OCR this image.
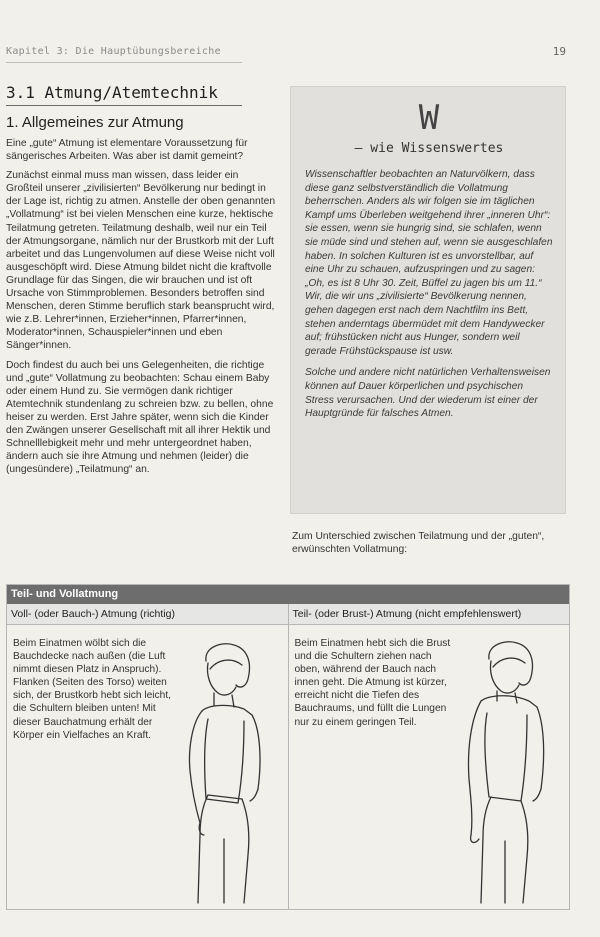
Kapitel 3: Die Hauptübungsbereiche	19
3.1 Atmung/Atemtechnik
1. Allgemeines zur Atmung

Eine „gute“ Atmung ist elementare Voraussetzung für sängerisches Arbeiten. Was aber ist damit gemeint?

Zunächst einmal muss man wissen, dass leider ein Großteil unserer „zivilisierten“ Bevölkerung nur bedingt in der Lage ist, richtig zu atmen. Anstelle der oben genannten „Vollatmung“ ist bei vielen Menschen eine kurze, hektische Teilatmung getreten. Teilatmung deshalb, weil nur ein Teil der Atmungsorgane, nämlich nur der Brustkorb mit der Luft arbeitet und das Lungenvolumen auf diese Weise nicht voll ausgeschöpft wird. Diese Atmung bildet nicht die kraftvolle Grundlage für das Singen, die wir brauchen und ist oft Ursache von Stimmproblemen. Besonders betroffen sind Menschen, deren Stimme beruflich stark beansprucht wird, wie z.B. Lehrer*innen, Erzieher*innen, Pfarrer*innen, Moderator*innen, Schauspieler*innen und eben Sänger*innen.

Doch findest du auch bei uns Gelegenheiten, die richtige und „gute“ Vollatmung zu beobachten: Schau einem Baby oder einem Hund zu. Sie vermögen dank richtiger Atemtechnik stundenlang zu schreien bzw. zu bellen, ohne heiser zu werden. Erst Jahre später, wenn sich die Kinder den Zwängen unserer Gesellschaft mit all ihrer Hektik und Schnelllebigkeit mehr und mehr untergeordnet haben, ändern auch sie ihre Atmung und nehmen (leider) die (ungesündere) „Teilatmung“ an.

W
– wie Wissenswertes

Wissenschaftler beobachten an Naturvölkern, dass diese ganz selbstverständlich die Vollatmung beherrschen. Anders als wir folgen sie im täglichen Kampf ums Überleben weitgehend ihrer „inneren Uhr“: sie essen, wenn sie hungrig sind, sie schlafen, wenn sie müde sind und stehen auf, wenn sie ausgeschlafen haben. In solchen Kulturen ist es unvorstellbar, auf eine Uhr zu schauen, aufzuspringen und zu sagen: „Oh, es ist 8 Uhr 30. Zeit, Büffel zu jagen bis um 11.“ Wir, die wir uns „zivilisierte“ Bevölkerung nennen, gehen dagegen erst nach dem Nachtfilm ins Bett, stehen anderntags übermüdet mit dem Handywecker auf; frühstücken nicht aus Hunger, sondern weil gerade Frühstückspause ist usw.

Solche und andere nicht natürlichen Verhaltensweisen können auf Dauer körperlichen und psychischen Stress verursachen. Und der wiederum ist einer der Hauptgründe für falsches Atmen.

Zum Unterschied zwischen Teilatmung und der „guten“, erwünschten Vollatmung:

Teil- und Vollatmung
Voll- (oder Bauch-) Atmung (richtig)	Teil- (oder Brust-) Atmung (nicht empfehlenswert)

Beim Einatmen wölbt sich die Bauchdecke nach außen (die Luft nimmt diesen Platz in Anspruch). Flanken (Seiten des Torso) weiten sich, der Brustkorb hebt sich leicht, die Schultern bleiben unten! Mit dieser Bauchatmung erhält der Körper ein Vielfaches an Kraft.

Beim Einatmen hebt sich die Brust und die Schultern ziehen nach oben, während der Bauch nach innen geht. Die Atmung ist kürzer, erreicht nicht die Tiefen des Bauchraums, und füllt die Lungen nur zu einem geringen Teil.
